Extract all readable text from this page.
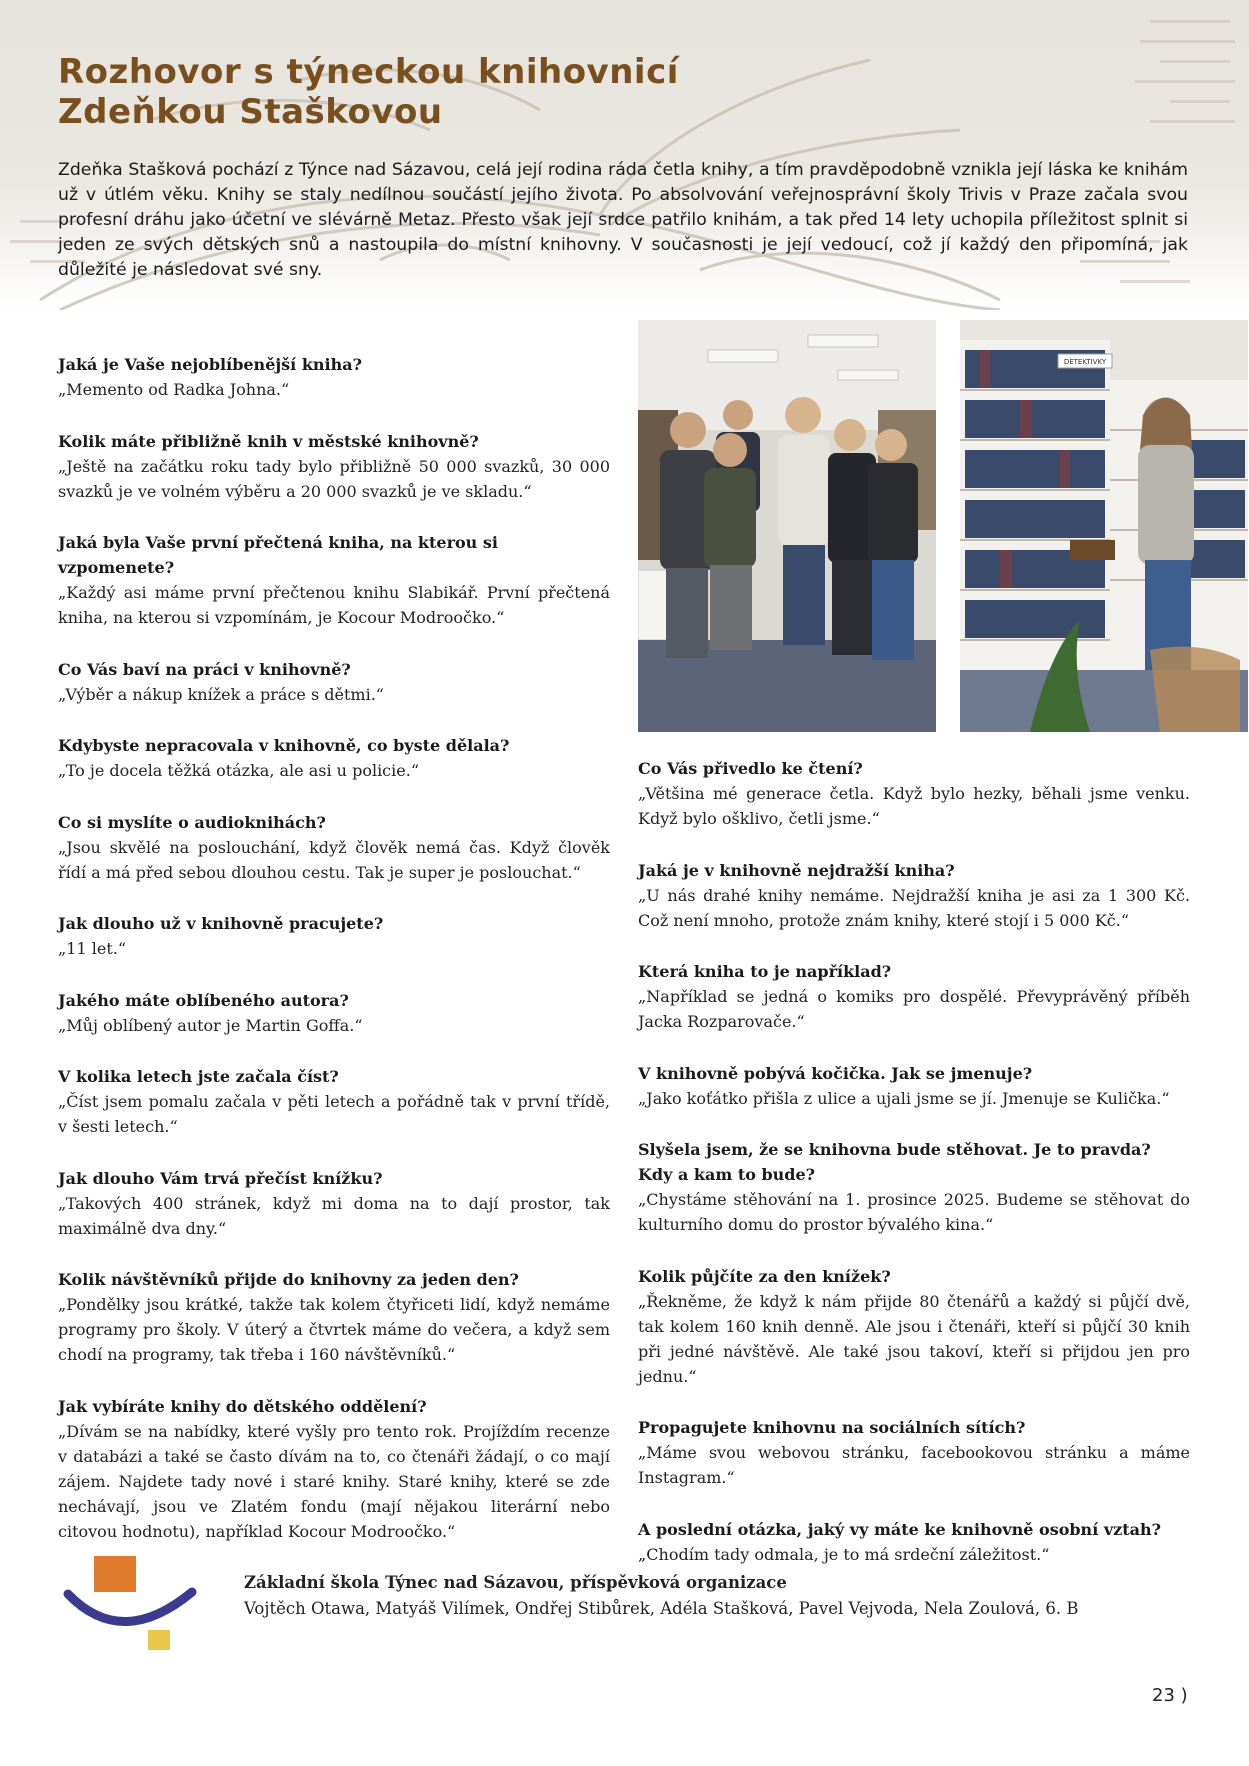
Rozhovor s týneckou knihovnicí
Zdeňkou Staškovou

Zdeňka Stašková pochází z Týnce nad Sázavou, celá její rodina ráda četla knihy, a tím pravděpodobně vznikla její láska ke knihám už v útlém věku. Knihy se staly nedílnou součástí jejího života. Po absolvování veřejnosprávní školy Trivis v Praze začala svou profesní dráhu jako účetní ve slévárně Metaz. Přesto však její srdce patřilo knihám, a tak před 14 lety uchopila příležitost splnit si jeden ze svých dětských snů a nastoupila do místní knihovny. V současnosti je její vedoucí, což jí každý den připomíná, jak důležité je následovat své sny.

DETEKTIVKY

Jaká je Vaše nejoblíbenější kniha?

„Memento od Radka Johna.“

Kolik máte přibližně knih v městské knihovně?

„Ještě na začátku roku tady bylo přibližně 50 000 svazků, 30 000 svazků je ve volném výběru a 20 000 svazků je ve skladu.“

Jaká byla Vaše první přečtená kniha, na kterou si vzpomenete?

„Každý asi máme první přečtenou knihu Slabikář. První přečtená kniha, na kterou si vzpomínám, je Kocour Modroočko.“

Co Vás baví na práci v knihovně?

„Výběr a nákup knížek a práce s dětmi.“

Kdybyste nepracovala v knihovně, co byste dělala?

„To je docela těžká otázka, ale asi u policie.“

Co si myslíte o audioknihách?

„Jsou skvělé na poslouchání, když člověk nemá čas. Když člověk řídí a má před sebou dlouhou cestu. Tak je super je poslouchat.“

Jak dlouho už v knihovně pracujete?

„11 let.“

Jakého máte oblíbeného autora?

„Můj oblíbený autor je Martin Goffa.“

V kolika letech jste začala číst?

„Číst jsem pomalu začala v pěti letech a pořádně tak v první třídě, v šesti letech.“

Jak dlouho Vám trvá přečíst knížku?

„Takových 400 stránek, když mi doma na to dají prostor, tak maximálně dva dny.“

Kolik návštěvníků přijde do knihovny za jeden den?

„Pondělky jsou krátké, takže tak kolem čtyřiceti lidí, když nemáme programy pro školy. V úterý a čtvrtek máme do večera, a když sem chodí na programy, tak třeba i 160 návštěvníků.“

Jak vybíráte knihy do dětského oddělení?

„Dívám se na nabídky, které vyšly pro tento rok. Projíždím recenze v databázi a také se často dívám na to, co čtenáři žádají, o co mají zájem. Najdete tady nové i staré knihy. Staré knihy, které se zde nechávají, jsou ve Zlatém fondu (mají nějakou literární nebo citovou hodnotu), například Kocour Modroočko.“

Co Vás přivedlo ke čtení?

„Většina mé generace četla. Když bylo hezky, běhali jsme venku. Když bylo ošklivo, četli jsme.“

Jaká je v knihovně nejdražší kniha?

„U nás drahé knihy nemáme. Nejdražší kniha je asi za 1 300 Kč. Což není mnoho, protože znám knihy, které stojí i 5 000 Kč.“

Která kniha to je například?

„Například se jedná o komiks pro dospělé. Převyprávěný příběh Jacka Rozparovače.“

V knihovně pobývá kočička. Jak se jmenuje?

„Jako koťátko přišla z ulice a ujali jsme se jí. Jmenuje se Kulička.“

Slyšela jsem, že se knihovna bude stěhovat. Je to pravda? Kdy a kam to bude?

„Chystáme stěhování na 1. prosince 2025. Budeme se stěhovat do kulturního domu do prostor bývalého kina.“

Kolik půjčíte za den knížek?

„Řekněme, že když k nám přijde 80 čtenářů a každý si půjčí dvě, tak kolem 160 knih denně. Ale jsou i čtenáři, kteří si půjčí 30 knih při jedné návštěvě. Ale také jsou takoví, kteří si přijdou jen pro jednu.“

Propagujete knihovnu na sociálních sítích?

„Máme svou webovou stránku, facebookovou stránku a máme Instagram.“

A poslední otázka, jaký vy máte ke knihovně osobní vztah?

„Chodím tady odmala, je to má srdeční záležitost.“

Základní škola Týnec nad Sázavou, příspěvková organizace
Vojtěch Otawa, Matyáš Vilímek, Ondřej Stibůrek, Adéla Stašková, Pavel Vejvoda, Nela Zoulová, 6. B
23 )
